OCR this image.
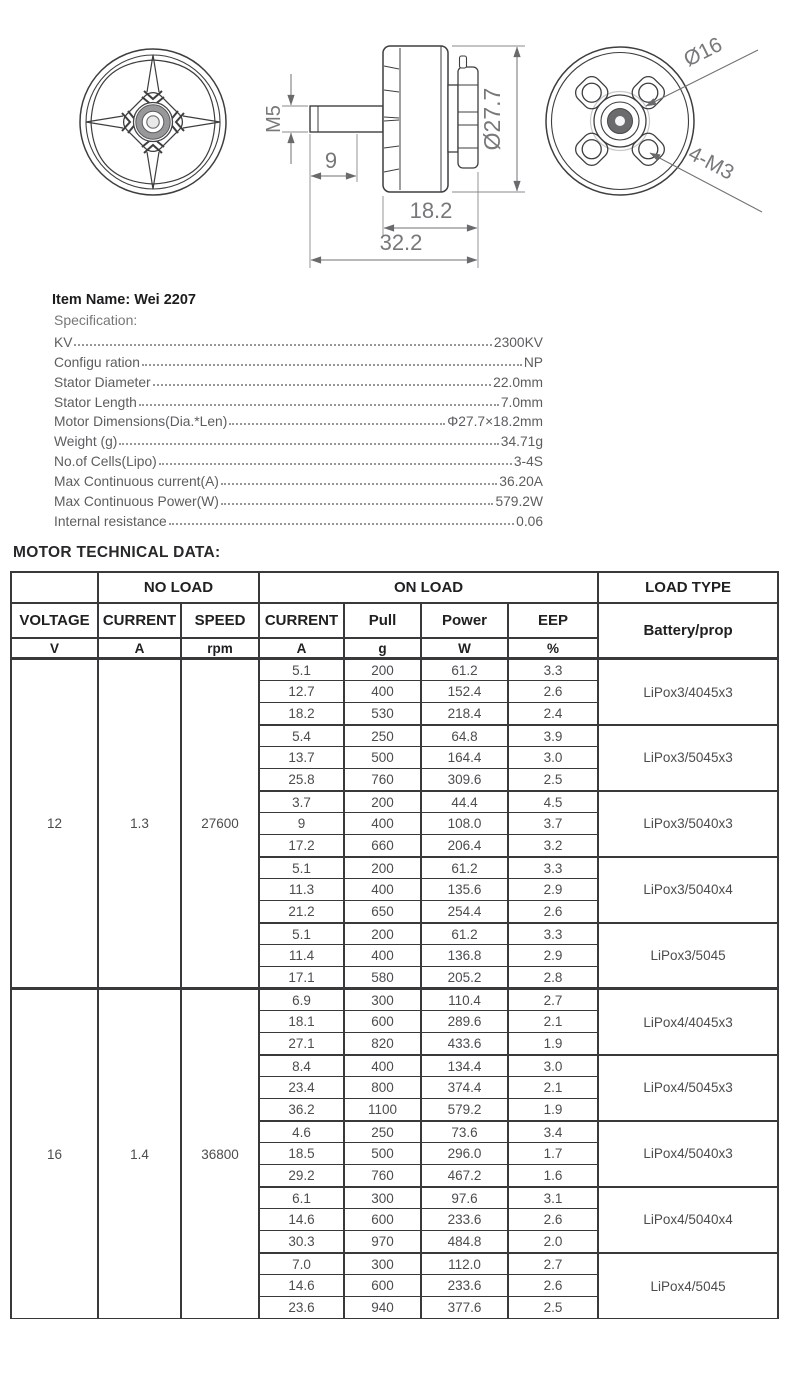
M5
9
Ø27.7
18.2
32.2
Ø16
4-M3
Item Name: Wei 2207
Specification:
KV	2300KV
Configu ration	NP
Stator Diameter	22.0mm
Stator Length	7.0mm
Motor Dimensions(Dia.*Len)	Φ27.7×18.2mm
Weight (g)	34.71g
No.of Cells(Lipo)	3-4S
Max Continuous current(A)	36.20A
Max Continuous Power(W)	579.2W
Internal resistance	0.06
MOTOR TECHNICAL DATA:
	NO LOAD		ON LOAD				LOAD TYPE
VOLTAGE	CURRENT	SPEED	CURRENT	Pull	Power	EEP	Battery/prop
V	A	rpm	A	g	W	%	
12	1.3	27600	5.1	200	61.2	3.3	LiPox3/4045x3
			12.7	400	152.4	2.6	
			18.2	530	218.4	2.4	
			5.4	250	64.8	3.9	LiPox3/5045x3
			13.7	500	164.4	3.0	
			25.8	760	309.6	2.5	
			3.7	200	44.4	4.5	LiPox3/5040x3
			9	400	108.0	3.7	
			17.2	660	206.4	3.2	
			5.1	200	61.2	3.3	LiPox3/5040x4
			11.3	400	135.6	2.9	
			21.2	650	254.4	2.6	
			5.1	200	61.2	3.3	LiPox3/5045
			11.4	400	136.8	2.9	
			17.1	580	205.2	2.8	
16	1.4	36800	6.9	300	110.4	2.7	LiPox4/4045x3
			18.1	600	289.6	2.1	
			27.1	820	433.6	1.9	
			8.4	400	134.4	3.0	LiPox4/5045x3
			23.4	800	374.4	2.1	
			36.2	1100	579.2	1.9	
			4.6	250	73.6	3.4	LiPox4/5040x3
			18.5	500	296.0	1.7	
			29.2	760	467.2	1.6	
			6.1	300	97.6	3.1	LiPox4/5040x4
			14.6	600	233.6	2.6	
			30.3	970	484.8	2.0	
			7.0	300	112.0	2.7	LiPox4/5045
			14.6	600	233.6	2.6	
			23.6	940	377.6	2.5	
